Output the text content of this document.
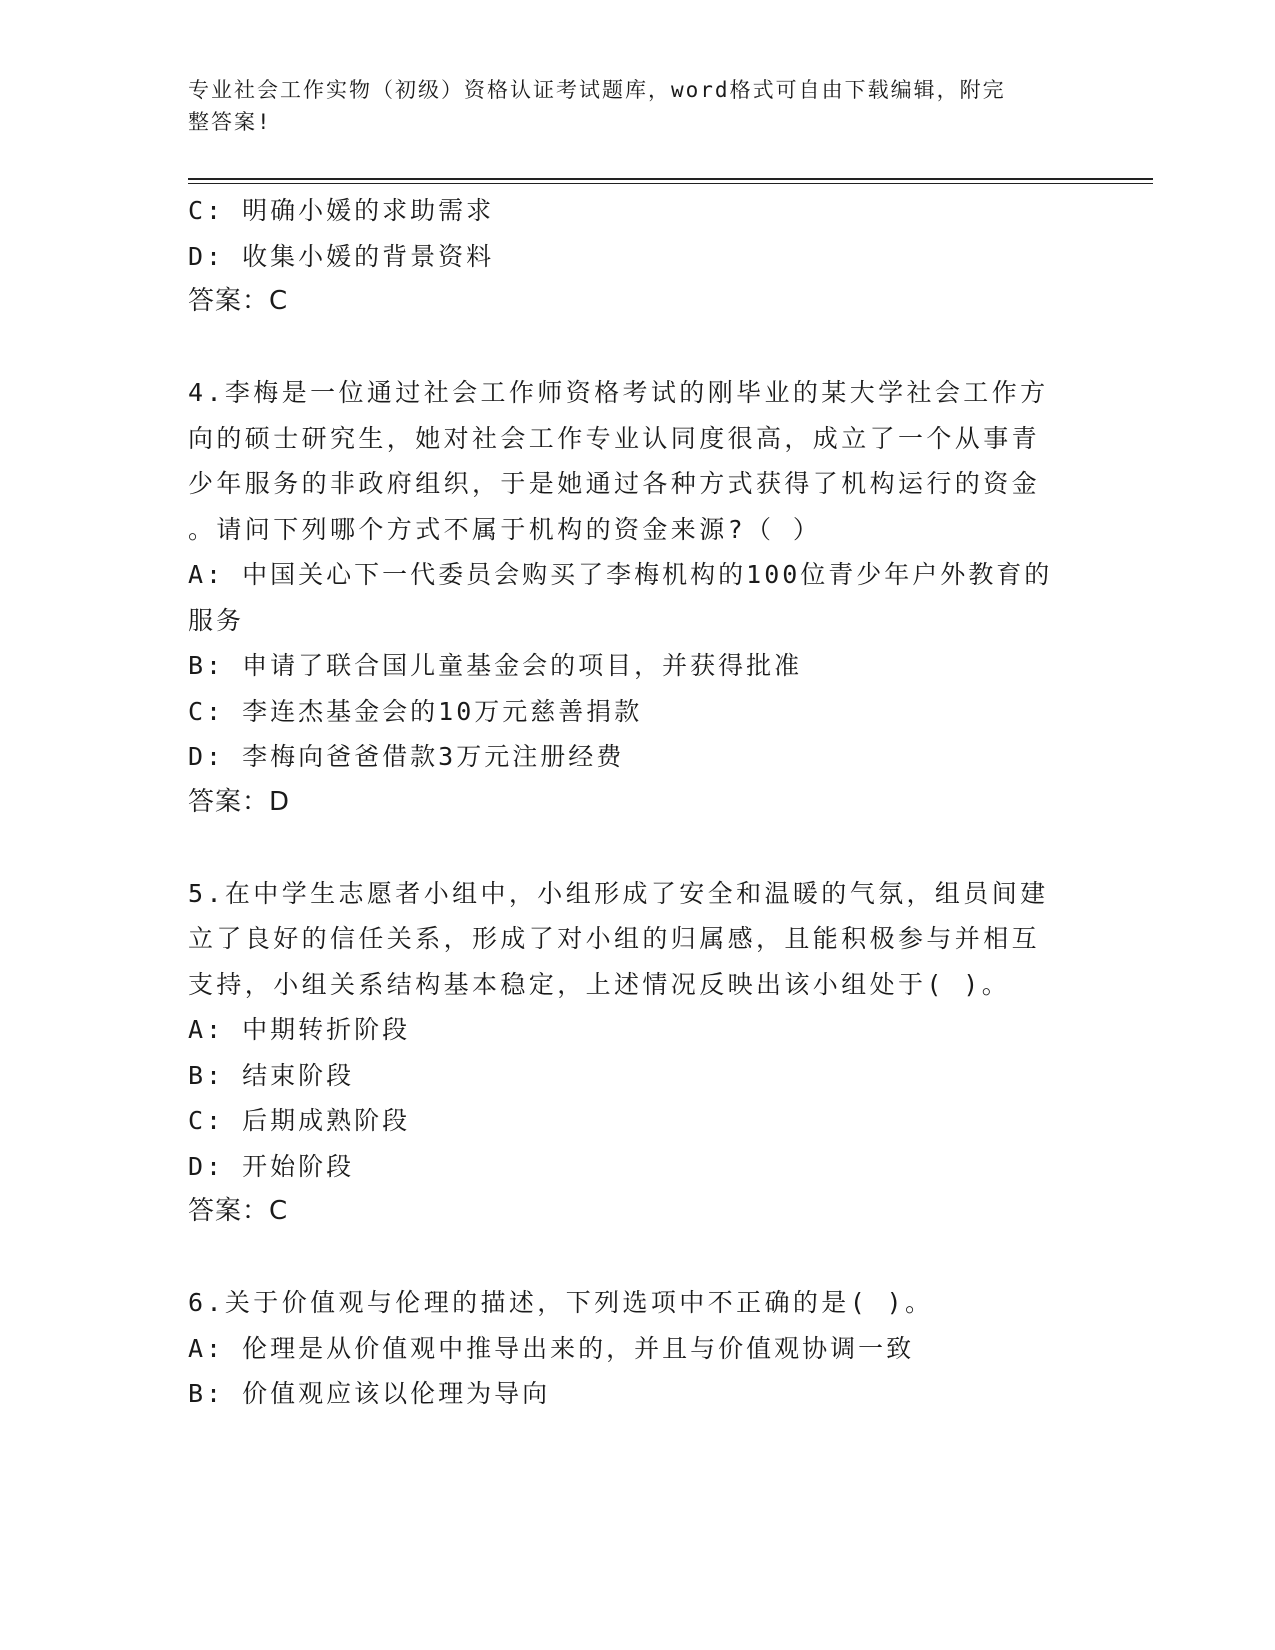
专业社会工作实物（初级）资格认证考试题库，word格式可自由下载编辑，附完
整答案!
C: 明确小媛的求助需求
D: 收集小媛的背景资料
答案：C
4.李梅是一位通过社会工作师资格考试的刚毕业的某大学社会工作方
向的硕士研究生，她对社会工作专业认同度很高，成立了一个从事青
少年服务的非政府组织，于是她通过各种方式获得了机构运行的资金
。请问下列哪个方式不属于机构的资金来源?（ ）
A: 中国关心下一代委员会购买了李梅机构的100位青少年户外教育的
服务
B: 申请了联合国儿童基金会的项目，并获得批准
C: 李连杰基金会的10万元慈善捐款
D: 李梅向爸爸借款3万元注册经费
答案：D
5.在中学生志愿者小组中，小组形成了安全和温暖的气氛，组员间建
立了良好的信任关系，形成了对小组的归属感，且能积极参与并相互
支持，小组关系结构基本稳定，上述情况反映出该小组处于( )。
A: 中期转折阶段
B: 结束阶段
C: 后期成熟阶段
D: 开始阶段
答案：C
6.关于价值观与伦理的描述，下列选项中不正确的是( )。
A: 伦理是从价值观中推导出来的，并且与价值观协调一致
B: 价值观应该以伦理为导向
